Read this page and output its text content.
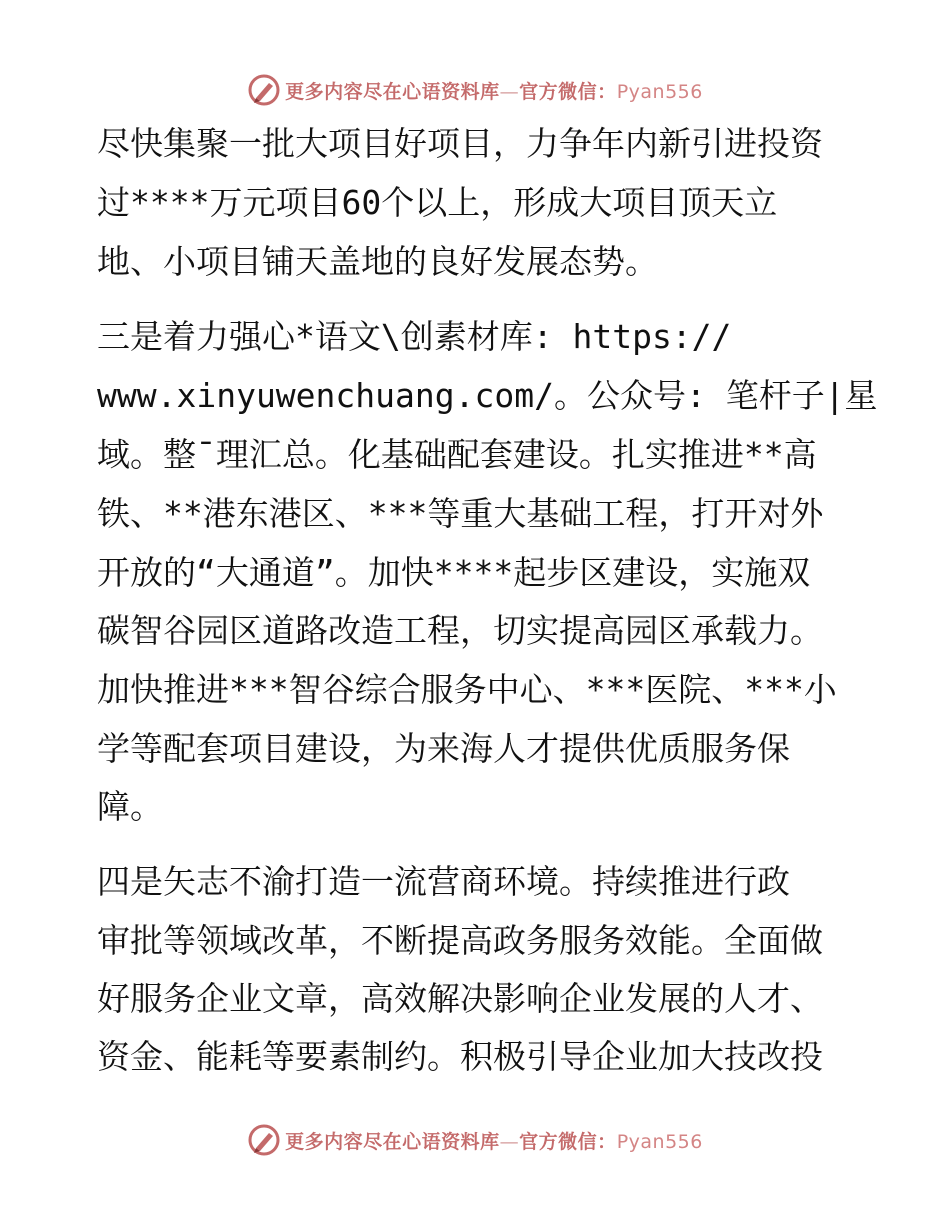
更多内容尽在心语资料库—官方微信：Pyan556
尽快集聚一批大项目好项目，力争年内新引进投资
过****万元项目60个以上，形成大项目顶天立
地、小项目铺天盖地的良好发展态势。
三是着力强心*语文\创素材库: https://
www.xinyuwenchuang.com/。公众号: 笔杆子|星
域。整¯理汇总。化基础配套建设。扎实推进**高
铁、**港东港区、***等重大基础工程，打开对外
开放的“大通道”。加快****起步区建设，实施双
碳智谷园区道路改造工程，切实提高园区承载力。
加快推进***智谷综合服务中心、***医院、***小
学等配套项目建设，为来海人才提供优质服务保
障。
四是矢志不渝打造一流营商环境。持续推进行政
审批等领域改革，不断提高政务服务效能。全面做
好服务企业文章，高效解决影响企业发展的人才、
资金、能耗等要素制约。积极引导企业加大技改投
更多内容尽在心语资料库—官方微信：Pyan556
